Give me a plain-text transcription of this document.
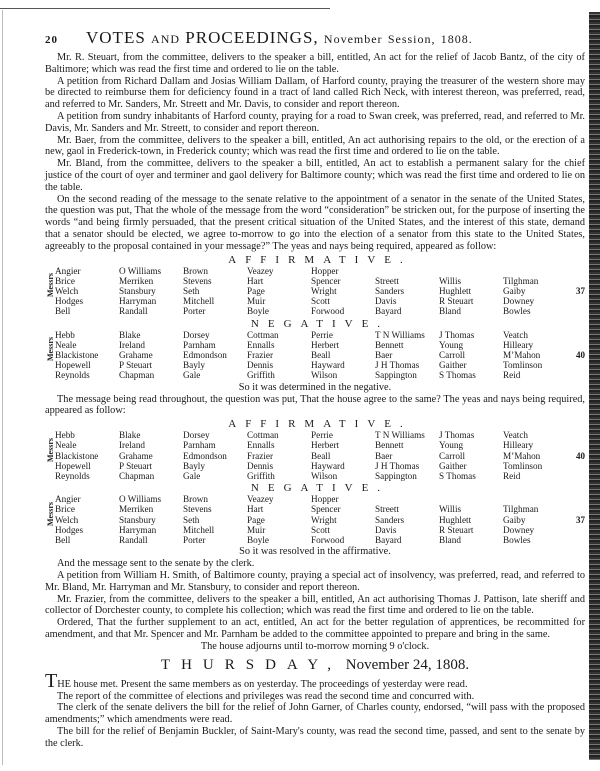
20 VOTES AND PROCEEDINGS, November Session, 1808.

Mr. R. Steuart, from the committee, delivers to the speaker a bill, entitled, An act for the relief of Jacob Bantz, of the city of Baltimore; which was read the first time and ordered to lie on the table.

A petition from Richard Dallam and Josias William Dallam, of Harford county, praying the treasurer of the western shore may be directed to reimburse them for deficiency found in a tract of land called Rich Neck, with interest thereon, was preferred, read, and referred to Mr. Sanders, Mr. Streett and Mr. Davis, to consider and report thereon.

A petition from sundry inhabitants of Harford county, praying for a road to Swan creek, was preferred, read, and referred to Mr. Davis, Mr. Sanders and Mr. Streett, to consider and report thereon.

Mr. Baer, from the committee, delivers to the speaker a bill, entitled, An act authorising repairs to the old, or the erection of a new, gaol in Frederick-town, in Frederick county; which was read the first time and ordered to lie on the table.

Mr. Bland, from the committee, delivers to the speaker a bill, entitled, An act to establish a permanent salary for the chief justice of the court of oyer and terminer and gaol delivery for Baltimore county; which was read the first time and ordered to lie on the table.

On the second reading of the message to the senate relative to the appointment of a senator in the senate of the United States, the question was put, That the whole of the message from the word “consideration” be stricken out, for the purpose of inserting the words “and being firmly persuaded, that the present critical situation of the United States, and the interest of this state, demand that a senator should be elected, we agree to-morrow to go into the election of a senator from this state to the United States, agreeably to the proposal contained in your message?” The yeas and nays being required, appeared as follow:

Messrs
AFFIRMATIVE.
Angier
Brice
Welch
Hodges
Bell
O Williams
Merriken
Stansbury
Harryman
Randall
Brown
Stevens
Seth
Mitchell
Porter
Veazey
Hart
Page
Muir
Boyle
Hopper
Spencer
Wright
Scott
Forwood
Streett
Sanders
Davis
Bayard
Willis
Hughlett
R Steuart
Bland
Tilghman
Gaiby
Downey
Bowles
37
Messrs
NEGATIVE.
Hebb
Neale
Blackistone
Hopewell
Reynolds
Blake
Ireland
Grahame
P Steuart
Chapman
Dorsey
Parnham
Edmondson
Bayly
Gale
Cottman
Ennalls
Frazier
Dennis
Griffith
Perrie
Herbert
Beall
Hayward
Wilson
T N Williams
Bennett
Baer
J H Thomas
Sappington
J Thomas
Young
Carroll
Gaither
S Thomas
Veatch
Hilleary
M’Mahon
Tomlinson
Reid
40
So it was determined in the negative.

The message being read throughout, the question was put, That the house agree to the same? The yeas and nays being required, appeared as follow:

Messrs
AFFIRMATIVE.
Hebb
Neale
Blackistone
Hopewell
Reynolds
Blake
Ireland
Grahame
P Steuart
Chapman
Dorsey
Parnham
Edmondson
Bayly
Gale
Cottman
Ennalls
Frazier
Dennis
Griffith
Perrie
Herbert
Beall
Hayward
Wilson
T N Williams
Bennett
Baer
J H Thomas
Sappington
J Thomas
Young
Carroll
Gaither
S Thomas
Veatch
Hilleary
M’Mahon
Tomlinson
Reid
40
Messrs
NEGATIVE.
Angier
Brice
Welch
Hodges
Bell
O Williams
Merriken
Stansbury
Harryman
Randall
Brown
Stevens
Seth
Mitchell
Porter
Veazey
Hart
Page
Muir
Boyle
Hopper
Spencer
Wright
Scott
Forwood
Streett
Sanders
Davis
Bayard
Willis
Hughlett
R Steuart
Bland
Tilghman
Gaiby
Downey
Bowles
37
So it was resolved in the affirmative.

And the message sent to the senate by the clerk.

A petition from William H. Smith, of Baltimore county, praying a special act of insolvency, was preferred, read, and referred to Mr. Bland, Mr. Harryman and Mr. Stansbury, to consider and report thereon.

Mr. Frazier, from the committee, delivers to the speaker a bill, entitled, An act authorising Thomas J. Pattison, late sheriff and collector of Dorchester county, to complete his collection; which was read the first time and ordered to lie on the table.

Ordered, That the further supplement to an act, entitled, An act for the better regulation of apprentices, be recommitted for amendment, and that Mr. Spencer and Mr. Parnham be added to the committee appointed to prepare and bring in the same.

The house adjourns until to-morrow morning 9 o'clock.
THURSDAY, November 24, 1808.

THE house met. Present the same members as on yesterday. The proceedings of yesterday were read.

The report of the committee of elections and privileges was read the second time and concurred with.

The clerk of the senate delivers the bill for the relief of John Garner, of Charles county, endorsed, “will pass with the proposed amendments;” which amendments were read.

The bill for the relief of Benjamin Buckler, of Saint-Mary's county, was read the second time, passed, and sent to the senate by the clerk.
